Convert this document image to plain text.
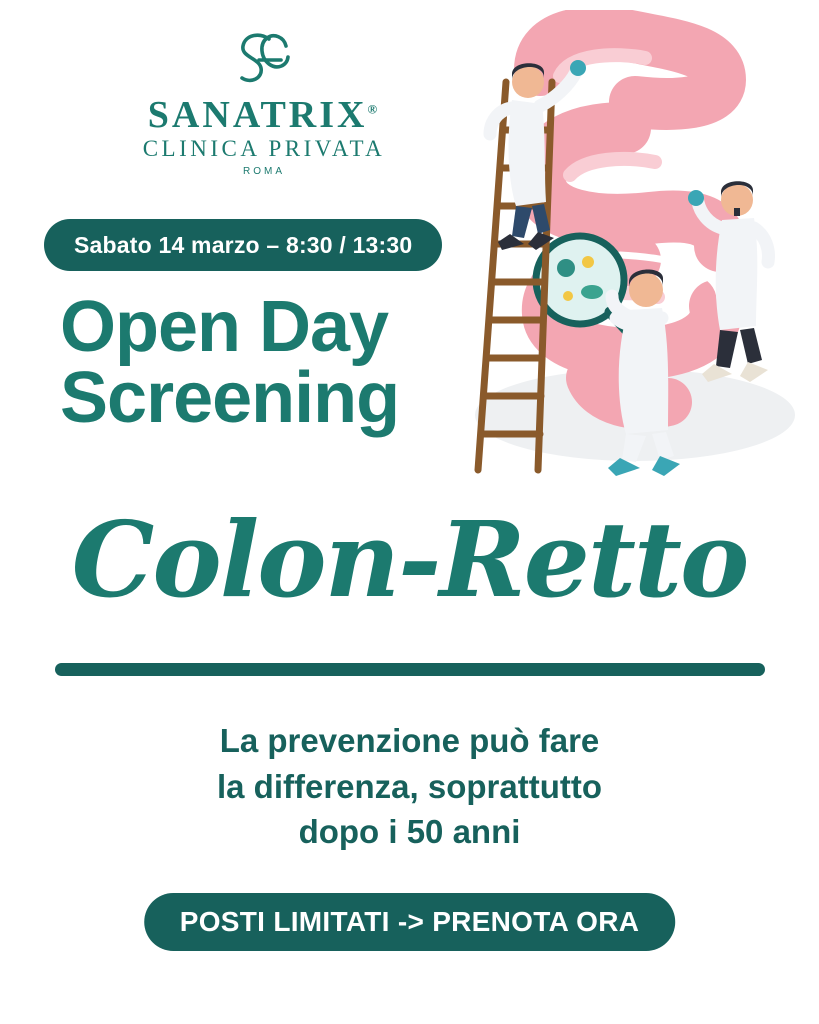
SANATRIX®
CLINICA PRIVATA
ROMA
Sabato 14 marzo – 8:30 / 13:30
Open Day
Screening
Colon-Retto
La prevenzione può fare
la differenza, soprattutto
dopo i 50 anni
POSTI LIMITATI -> PRENOTA ORA
